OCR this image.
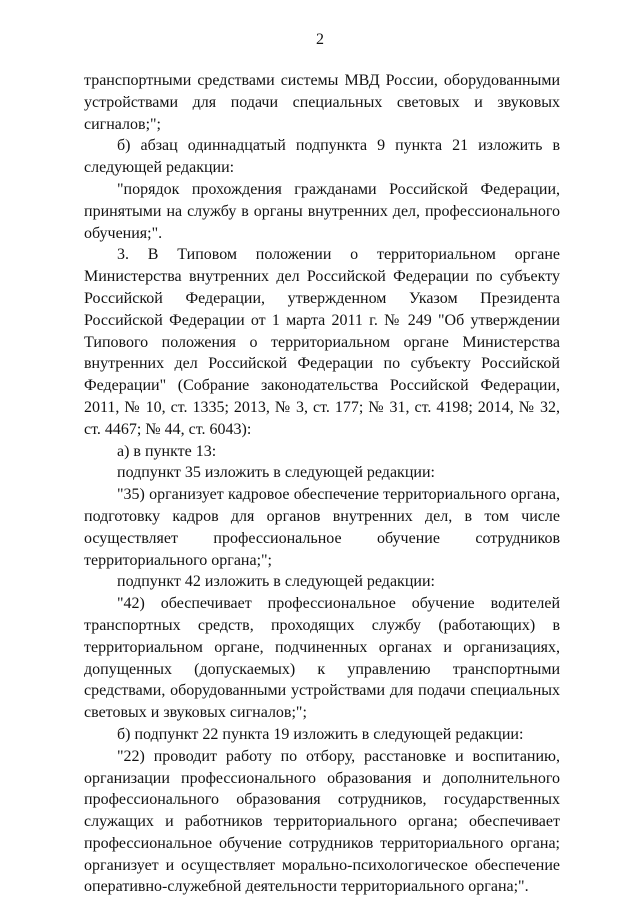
2

транспортными средствами системы МВД России, оборудованными устройствами для подачи специальных световых и звуковых сигналов;";

б) абзац одиннадцатый подпункта 9 пункта 21 изложить в следующей редакции:

"порядок прохождения гражданами Российской Федерации, принятыми на службу в органы внутренних дел, профессионального обучения;".

3. В Типовом положении о территориальном органе Министерства внутренних дел Российской Федерации по субъекту Российской Федерации, утвержденном Указом Президента Российской Федерации от 1 марта 2011 г. № 249 "Об утверждении Типового положения о территориальном органе Министерства внутренних дел Российской Федерации по субъекту Российской Федерации" (Собрание законодательства Российской Федерации, 2011, № 10, ст. 1335; 2013, № 3, ст. 177; № 31, ст. 4198; 2014, № 32, ст. 4467; № 44, ст. 6043):

а) в пункте 13:

подпункт 35 изложить в следующей редакции:

"35) организует кадровое обеспечение территориального органа, подготовку кадров для органов внутренних дел, в том числе осуществляет профессиональное обучение сотрудников территориального органа;";

подпункт 42 изложить в следующей редакции:

"42) обеспечивает профессиональное обучение водителей транспортных средств, проходящих службу (работающих) в территориальном органе, подчиненных органах и организациях, допущенных (допускаемых) к управлению транспортными средствами, оборудованными устройствами для подачи специальных световых и звуковых сигналов;";

б) подпункт 22 пункта 19 изложить в следующей редакции:

"22) проводит работу по отбору, расстановке и воспитанию, организации профессионального образования и дополнительного профессионального образования сотрудников, государственных служащих и работников территориального органа; обеспечивает профессиональное обучение сотрудников территориального органа; организует и осуществляет морально-психологическое обеспечение оперативно-служебной деятельности территориального органа;".
